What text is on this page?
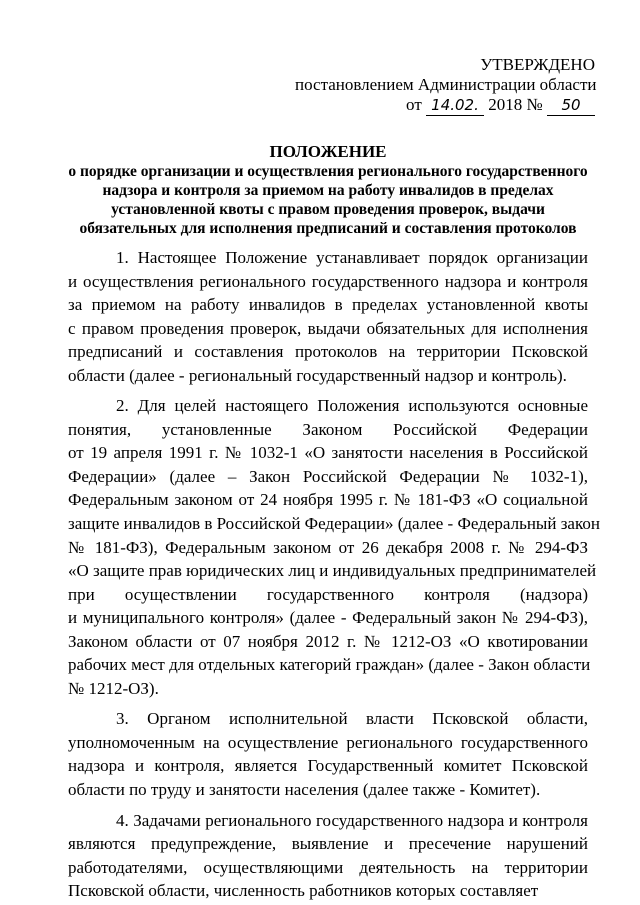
УТВЕРЖДЕНО
постановлением Администрации области
от 14.02. 2018 № 50
ПОЛОЖЕНИЕ
о порядке организации и осуществления регионального государственного
надзора и контроля за приемом на работу инвалидов в пределах
установленной квоты с правом проведения проверок, выдачи
обязательных для исполнения предписаний и составления протоколов
1. Настоящее Положение устанавливает порядок организации
и осуществления регионального государственного надзора и контроля
за приемом на работу инвалидов в пределах установленной квоты
с правом проведения проверок, выдачи обязательных для исполнения
предписаний и составления протоколов на территории Псковской
области (далее - региональный государственный надзор и контроль).
2. Для целей настоящего Положения используются основные
понятия, установленные Законом Российской Федерации
от 19 апреля 1991 г. № 1032-1 «О занятости населения в Российской
Федерации» (далее – Закон Российской Федерации № 1032-1),
Федеральным законом от 24 ноября 1995 г. № 181-ФЗ «О социальной
защите инвалидов в Российской Федерации» (далее - Федеральный закон
№ 181-ФЗ), Федеральным законом от 26 декабря 2008 г. № 294-ФЗ
«О защите прав юридических лиц и индивидуальных предпринимателей
при осуществлении государственного контроля (надзора)
и муниципального контроля» (далее - Федеральный закон № 294-ФЗ),
Законом области от 07 ноября 2012 г. № 1212-ОЗ «О квотировании
рабочих мест для отдельных категорий граждан» (далее - Закон области
№ 1212-ОЗ).
3. Органом исполнительной власти Псковской области,
уполномоченным на осуществление регионального государственного
надзора и контроля, является Государственный комитет Псковской
области по труду и занятости населения (далее также - Комитет).
4. Задачами регионального государственного надзора и контроля
являются предупреждение, выявление и пресечение нарушений
работодателями, осуществляющими деятельность на территории
Псковской области, численность работников которых составляет
